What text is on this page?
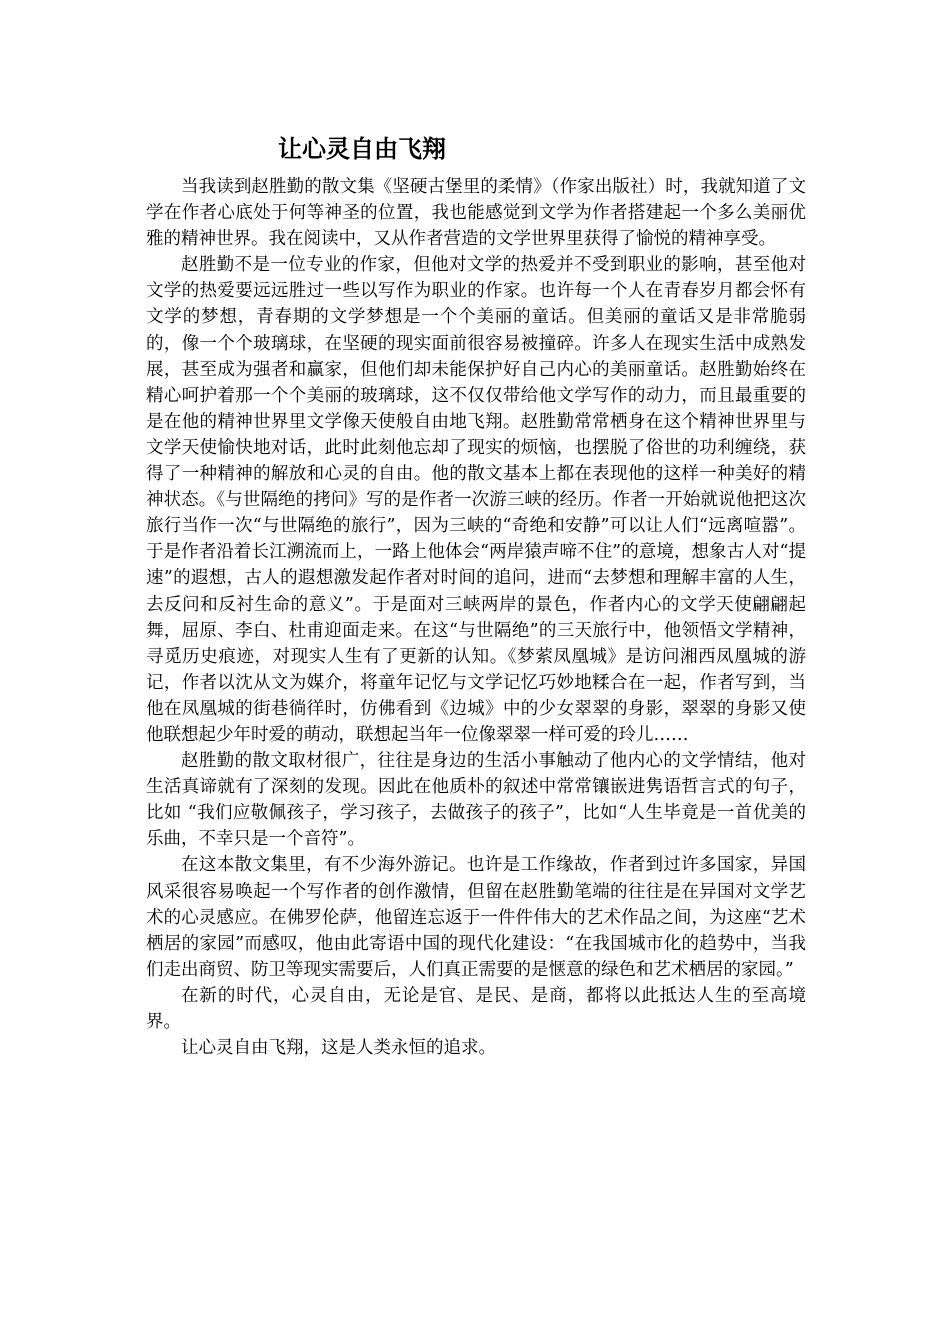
让心灵自由飞翔

当我读到赵胜勤的散文集《坚硬古堡里的柔情》（作家出版社）时，我就知道了文学在作者心底处于何等神圣的位置，我也能感觉到文学为作者搭建起一个多么美丽优雅的精神世界。我在阅读中，又从作者营造的文学世界里获得了愉悦的精神享受。

赵胜勤不是一位专业的作家，但他对文学的热爱并不受到职业的影响，甚至他对文学的热爱要远远胜过一些以写作为职业的作家。也许每一个人在青春岁月都会怀有文学的梦想，青春期的文学梦想是一个个美丽的童话。但美丽的童话又是非常脆弱的，像一个个玻璃球，在坚硬的现实面前很容易被撞碎。许多人在现实生活中成熟发展，甚至成为强者和赢家，但他们却未能保护好自己内心的美丽童话。赵胜勤始终在精心呵护着那一个个美丽的玻璃球，这不仅仅带给他文学写作的动力，而且最重要的是在他的精神世界里文学像天使般自由地飞翔。赵胜勤常常栖身在这个精神世界里与文学天使愉快地对话，此时此刻他忘却了现实的烦恼，也摆脱了俗世的功利缠绕，获得了一种精神的解放和心灵的自由。他的散文基本上都在表现他的这样一种美好的精神状态。《与世隔绝的拷问》写的是作者一次游三峡的经历。作者一开始就说他把这次旅行当作一次“与世隔绝的旅行”，因为三峡的“奇绝和安静”可以让人们“远离喧嚣”。于是作者沿着长江溯流而上，一路上他体会“两岸猿声啼不住”的意境，想象古人对“提速”的遐想，古人的遐想激发起作者对时间的追问，进而“去梦想和理解丰富的人生，去反问和反衬生命的意义”。于是面对三峡两岸的景色，作者内心的文学天使翩翩起舞，屈原、李白、杜甫迎面走来。在这“与世隔绝”的三天旅行中，他领悟文学精神，寻觅历史痕迹，对现实人生有了更新的认知。《梦萦凤凰城》是访问湘西凤凰城的游记，作者以沈从文为媒介，将童年记忆与文学记忆巧妙地糅合在一起，作者写到，当他在凤凰城的街巷徜徉时，仿佛看到《边城》中的少女翠翠的身影，翠翠的身影又使他联想起少年时爱的萌动，联想起当年一位像翠翠一样可爱的玲儿……

赵胜勤的散文取材很广，往往是身边的生活小事触动了他内心的文学情结，他对生活真谛就有了深刻的发现。因此在他质朴的叙述中常常镶嵌进隽语哲言式的句子，比如 “我们应敬佩孩子，学习孩子，去做孩子的孩子”，比如“人生毕竟是一首优美的乐曲，不幸只是一个音符”。

在这本散文集里，有不少海外游记。也许是工作缘故，作者到过许多国家，异国风采很容易唤起一个写作者的创作激情，但留在赵胜勤笔端的往往是在异国对文学艺术的心灵感应。在佛罗伦萨，他留连忘返于一件件伟大的艺术作品之间，为这座“艺术栖居的家园”而感叹，他由此寄语中国的现代化建设：“在我国城市化的趋势中，当我们走出商贸、防卫等现实需要后，人们真正需要的是惬意的绿色和艺术栖居的家园。”

在新的时代，心灵自由，无论是官、是民、是商，都将以此抵达人生的至高境界。

让心灵自由飞翔，这是人类永恒的追求。
